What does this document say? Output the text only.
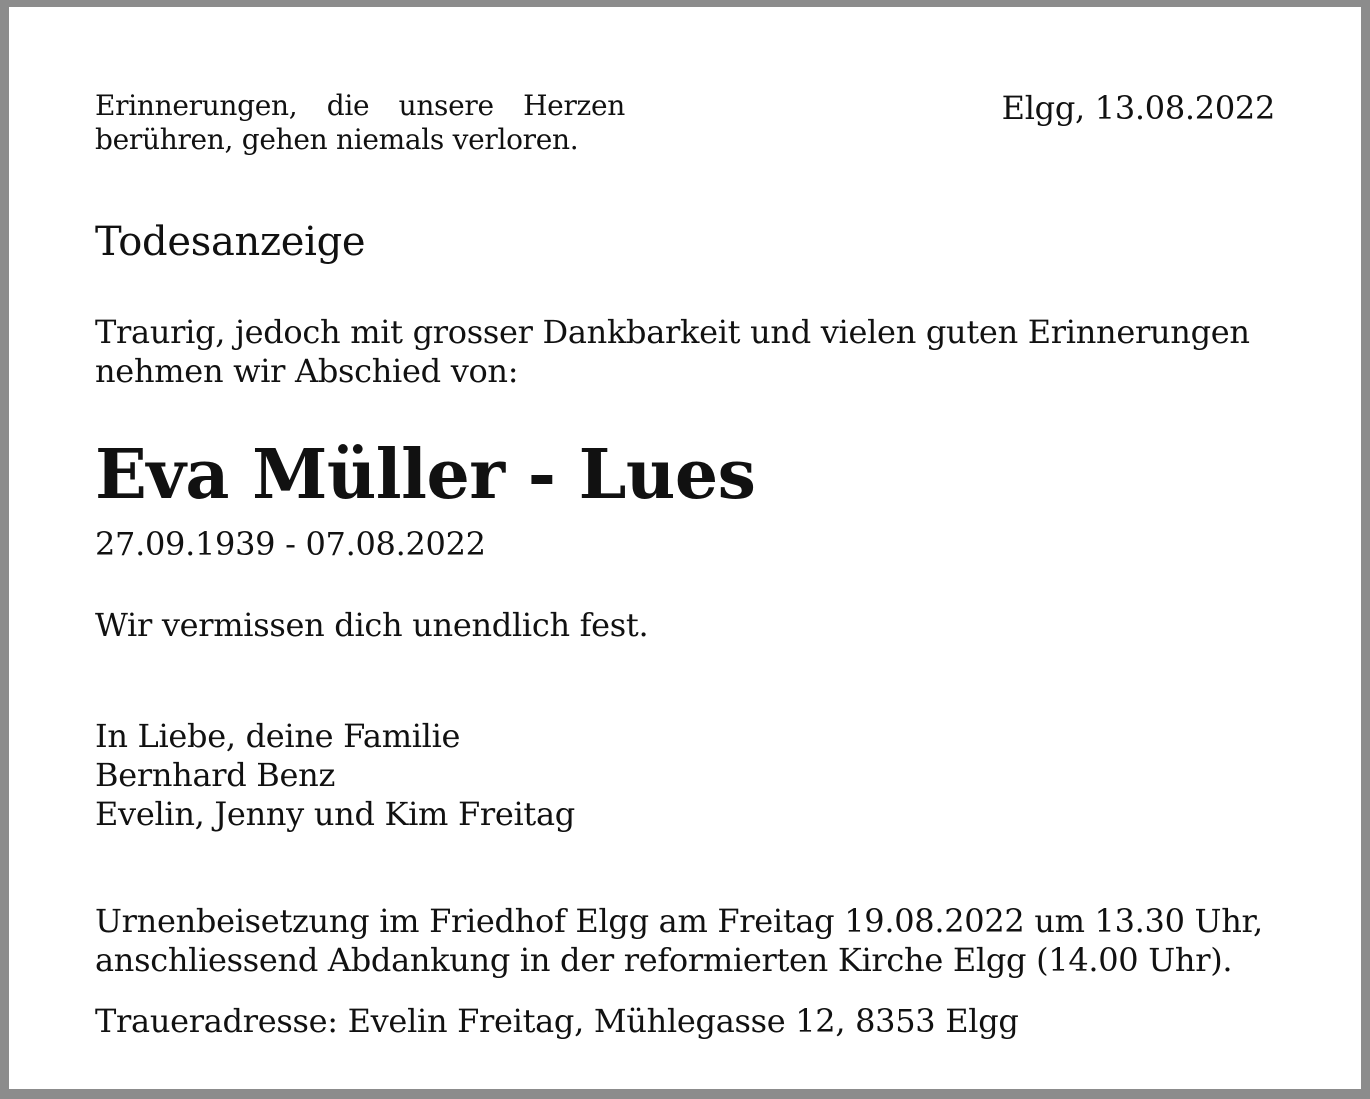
Erinnerungen, die unsere Herzen berühren, gehen niemals verloren.
Elgg, 13.08.2022
Todesanzeige
Traurig, jedoch mit grosser Dankbarkeit und vielen guten Erinnerungen
nehmen wir Abschied von:
Eva Müller - Lues
27.09.1939 - 07.08.2022
Wir vermissen dich unendlich fest.
In Liebe, deine Familie
Bernhard Benz
Evelin, Jenny und Kim Freitag
Urnenbeisetzung im Friedhof Elgg am Freitag 19.08.2022 um 13.30 Uhr,
anschliessend Abdankung in der reformierten Kirche Elgg (14.00 Uhr).
Traueradresse: Evelin Freitag, Mühlegasse 12, 8353 Elgg
